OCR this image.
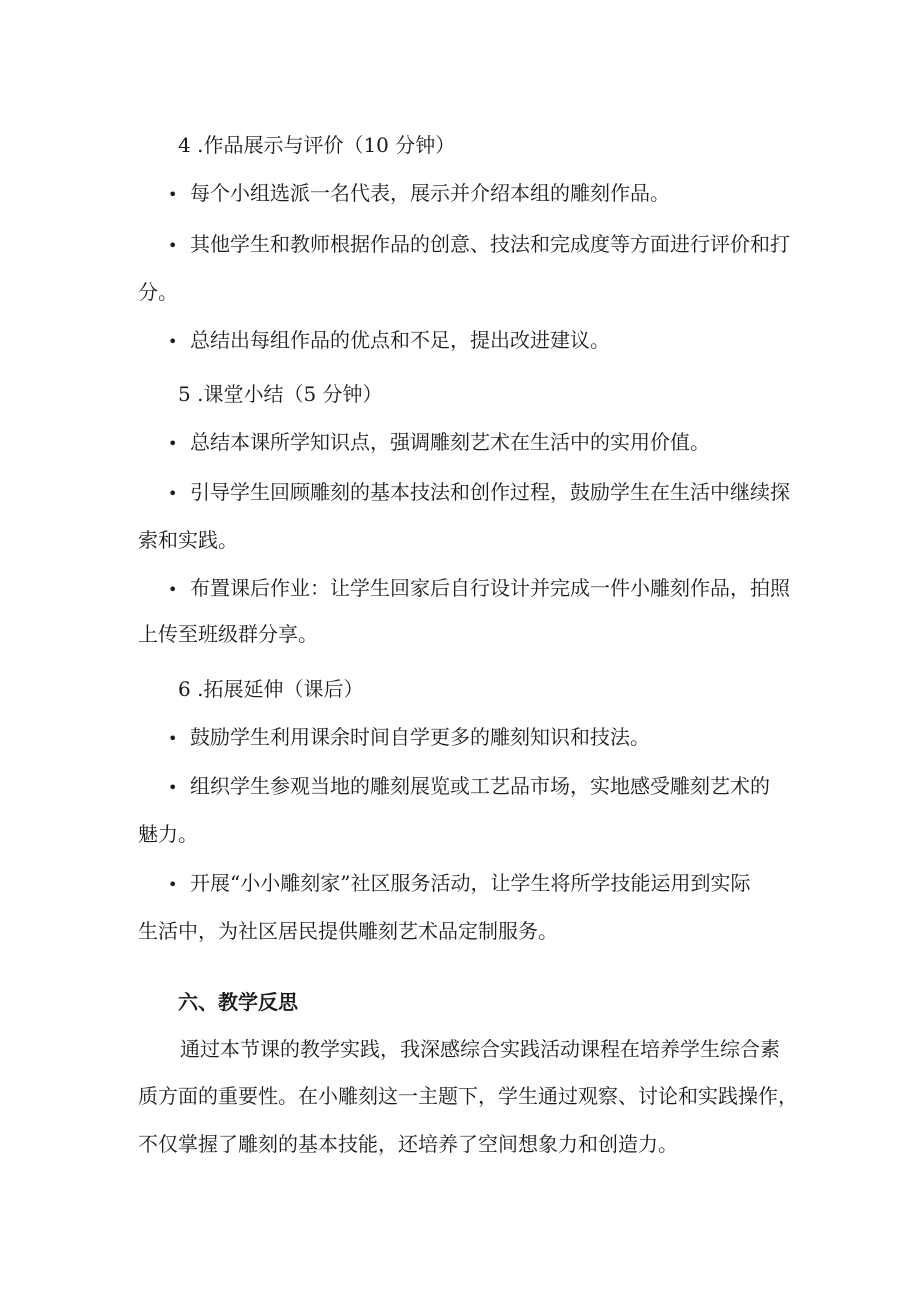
4 .作品展示与评价（10 分钟）
• 每个小组选派一名代表，展示并介绍本组的雕刻作品。
• 其他学生和教师根据作品的创意、技法和完成度等方面进行评价和打
分。
• 总结出每组作品的优点和不足，提出改进建议。
5 .课堂小结（5 分钟）
• 总结本课所学知识点，强调雕刻艺术在生活中的实用价值。
• 引导学生回顾雕刻的基本技法和创作过程，鼓励学生在生活中继续探
索和实践。
• 布置课后作业：让学生回家后自行设计并完成一件小雕刻作品，拍照
上传至班级群分享。
6 .拓展延伸（课后）
• 鼓励学生利用课余时间自学更多的雕刻知识和技法。
• 组织学生参观当地的雕刻展览或工艺品市场，实地感受雕刻艺术的
魅力。
• 开展“小小雕刻家”社区服务活动，让学生将所学技能运用到实际
生活中，为社区居民提供雕刻艺术品定制服务。
六、教学反思
通过本节课的教学实践，我深感综合实践活动课程在培养学生综合素
质方面的重要性。在小雕刻这一主题下，学生通过观察、讨论和实践操作，
不仅掌握了雕刻的基本技能，还培养了空间想象力和创造力。
